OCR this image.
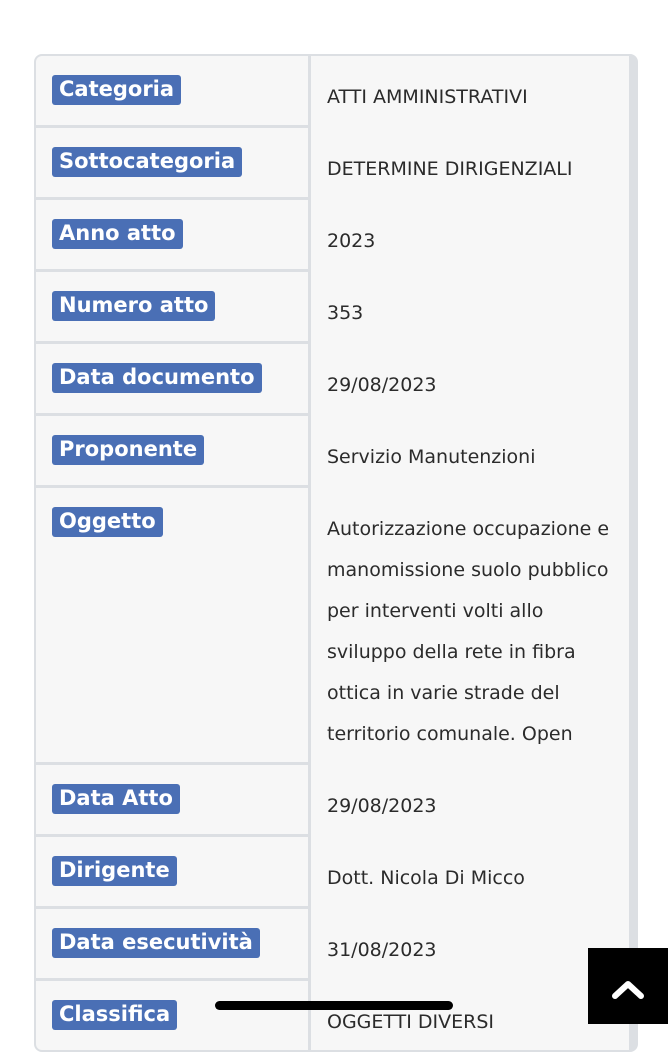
Categoria	ATTI AMMINISTRATIVI
Sottocategoria	DETERMINE DIRIGENZIALI
Anno atto	2023
Numero atto	353
Data documento	29/08/2023
Proponente	Servizio Manutenzioni
Oggetto	Autorizzazione occupazione e manomissione suolo pubblico per interventi volti allo sviluppo della rete in fibra ottica in varie strade del territorio comunale. Open
Data Atto	29/08/2023
Dirigente	Dott. Nicola Di Micco
Data esecutività	31/08/2023
Classifica	OGGETTI DIVERSI
